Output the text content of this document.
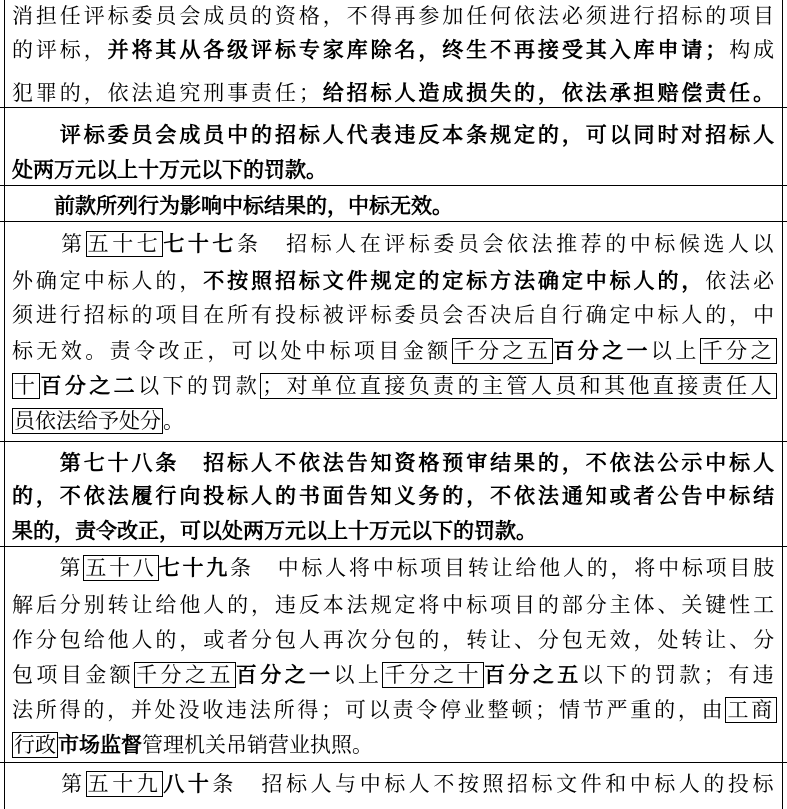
消担任评标委员会成员的资格，不得再参加任何依法必须进行招标的项目
的评标，并将其从各级评标专家库除名，终生不再接受其入库申请；构成
犯罪的，依法追究刑事责任；给招标人造成损失的，依法承担赔偿责任。
　　评标委员会成员中的招标人代表违反本条规定的，可以同时对招标人
处两万元以上十万元以下的罚款。
　　前款所列行为影响中标结果的，中标无效。
　　第五十七七十七条　招标人在评标委员会依法推荐的中标候选人以
外确定中标人的，不按照招标文件规定的定标方法确定中标人的，依法必
须进行招标的项目在所有投标被评标委员会否决后自行确定中标人的，中
标无效。责令改正，可以处中标项目金额千分之五百分之一以上千分之
十百分之二以下的罚款；对单位直接负责的主管人员和其他直接责任人
员依法给予处分。
　　第七十八条　招标人不依法告知资格预审结果的，不依法公示中标人
的，不依法履行向投标人的书面告知义务的，不依法通知或者公告中标结
果的，责令改正，可以处两万元以上十万元以下的罚款。
　　第五十八七十九条　中标人将中标项目转让给他人的，将中标项目肢
解后分别转让给他人的，违反本法规定将中标项目的部分主体、关键性工
作分包给他人的，或者分包人再次分包的，转让、分包无效，处转让、分
包项目金额千分之五百分之一以上千分之十百分之五以下的罚款；有违
法所得的，并处没收违法所得；可以责令停业整顿；情节严重的，由工商
行政市场监督管理机关吊销营业执照。
　　第五十九八十条　招标人与中标人不按照招标文件和中标人的投标
